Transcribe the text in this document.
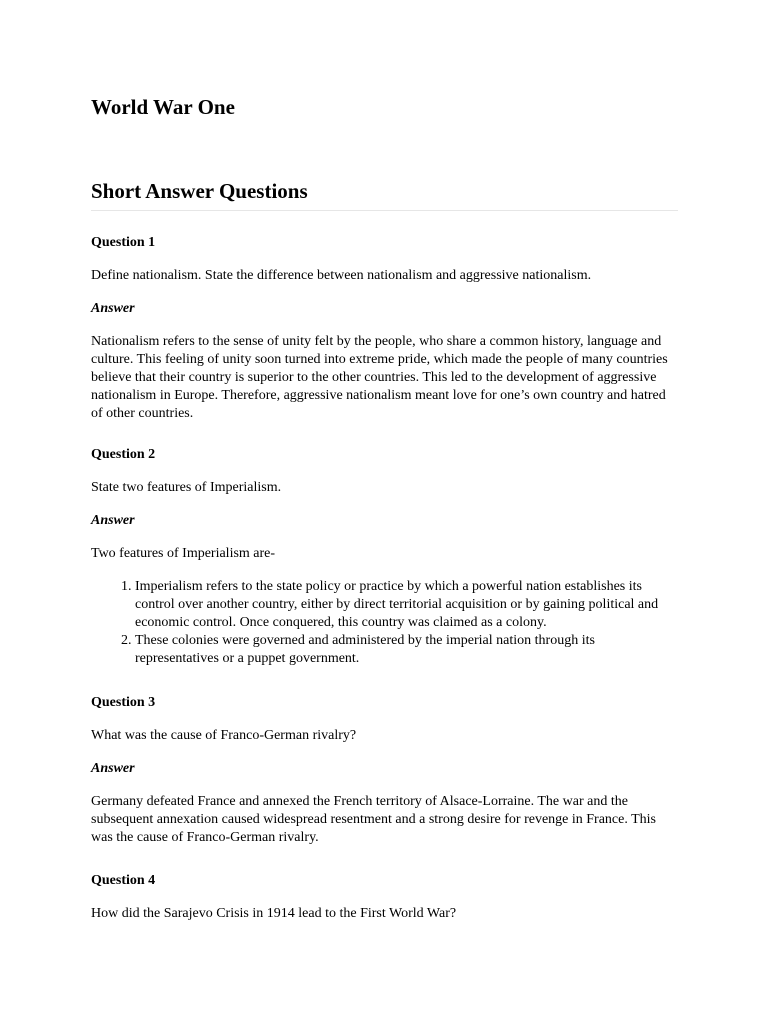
World War One
Short Answer Questions

Question 1

Define nationalism. State the difference between nationalism and aggressive nationalism.

Answer

Nationalism refers to the sense of unity felt by the people, who share a common history, language and culture. This feeling of unity soon turned into extreme pride, which made the people of many countries believe that their country is superior to the other countries. This led to the development of aggressive nationalism in Europe. Therefore, aggressive nationalism meant love for one’s own country and hatred of other countries.

Question 2

State two features of Imperialism.

Answer

Two features of Imperialism are-

1. Imperialism refers to the state policy or practice by which a powerful nation establishes its control over another country, either by direct territorial acquisition or by gaining political and economic control. Once conquered, this country was claimed as a colony.
2. These colonies were governed and administered by the imperial nation through its representatives or a puppet government.

Question 3

What was the cause of Franco-German rivalry?

Answer

Germany defeated France and annexed the French territory of Alsace-Lorraine. The war and the subsequent annexation caused widespread resentment and a strong desire for revenge in France. This was the cause of Franco-German rivalry.

Question 4

How did the Sarajevo Crisis in 1914 lead to the First World War?
